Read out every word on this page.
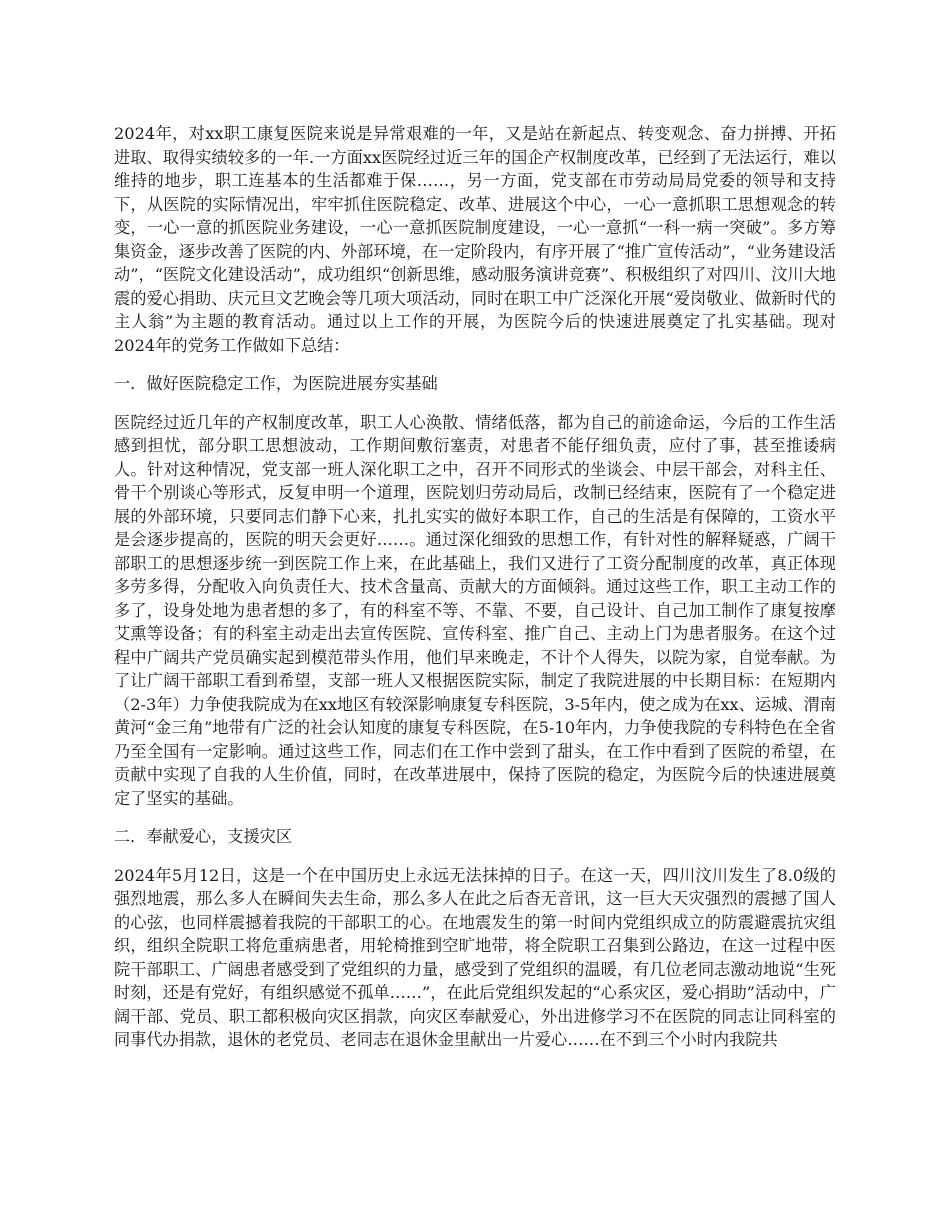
2024年，对xx职工康复医院来说是异常艰难的一年，又是站在新起点、转变观念、奋力拼搏、开拓进取、取得实绩较多的一年.一方面xx医院经过近三年的国企产权制度改革，已经到了无法运行，难以维持的地步，职工连基本的生活都难于保……，另一方面，党支部在市劳动局局党委的领导和支持下，从医院的实际情况出，牢牢抓住医院稳定、改革、进展这个中心，一心一意抓职工思想观念的转变，一心一意的抓医院业务建设，一心一意抓医院制度建设，一心一意抓“一科一病一突破”。多方筹集资金，逐步改善了医院的内、外部环境，在一定阶段内，有序开展了“推广宣传活动”，“业务建设活动”，“医院文化建设活动”，成功组织“创新思维，感动服务演讲竞赛”、积极组织了对四川、汶川大地震的爱心捐助、庆元旦文艺晚会等几项大项活动，同时在职工中广泛深化开展“爱岗敬业、做新时代的主人翁”为主题的教育活动。通过以上工作的开展，为医院今后的快速进展奠定了扎实基础。现对2024年的党务工作做如下总结：

一．做好医院稳定工作，为医院进展夯实基础

医院经过近几年的产权制度改革，职工人心涣散、情绪低落，都为自己的前途命运，今后的工作生活感到担忧，部分职工思想波动，工作期间敷衍塞责，对患者不能仔细负责，应付了事，甚至推诿病人。针对这种情况，党支部一班人深化职工之中，召开不同形式的坐谈会、中层干部会，对科主任、骨干个别谈心等形式，反复申明一个道理，医院划归劳动局后，改制已经结束，医院有了一个稳定进展的外部环境，只要同志们静下心来，扎扎实实的做好本职工作，自己的生活是有保障的，工资水平是会逐步提高的，医院的明天会更好……。通过深化细致的思想工作，有针对性的解释疑惑，广阔干部职工的思想逐步统一到医院工作上来，在此基础上，我们又进行了工资分配制度的改革，真正体现多劳多得，分配收入向负责任大、技术含量高、贡献大的方面倾斜。通过这些工作，职工主动工作的多了，设身处地为患者想的多了，有的科室不等、不靠、不要，自己设计、自己加工制作了康复按摩艾熏等设备；有的科室主动走出去宣传医院、宣传科室、推广自己、主动上门为患者服务。在这个过程中广阔共产党员确实起到模范带头作用，他们早来晚走，不计个人得失，以院为家，自觉奉献。为了让广阔干部职工看到希望，支部一班人又根据医院实际，制定了我院进展的中长期目标：在短期内（2-3年）力争使我院成为在xx地区有较深影响康复专科医院，3-5年内，使之成为在xx、运城、渭南黄河“金三角”地带有广泛的社会认知度的康复专科医院，在5-10年内，力争使我院的专科特色在全省乃至全国有一定影响。通过这些工作，同志们在工作中尝到了甜头，在工作中看到了医院的希望，在贡献中实现了自我的人生价值，同时，在改革进展中，保持了医院的稳定，为医院今后的快速进展奠定了坚实的基础。

二．奉献爱心，支援灾区

2024年5月12日，这是一个在中国历史上永远无法抹掉的日子。在这一天，四川汶川发生了8.0级的强烈地震，那么多人在瞬间失去生命，那么多人在此之后杳无音讯，这一巨大天灾强烈的震撼了国人的心弦，也同样震撼着我院的干部职工的心。在地震发生的第一时间内党组织成立的防震避震抗灾组织，组织全院职工将危重病患者，用轮椅推到空旷地带，将全院职工召集到公路边，在这一过程中医院干部职工、广阔患者感受到了党组织的力量，感受到了党组织的温暖，有几位老同志激动地说“生死时刻，还是有党好，有组织感觉不孤单……”，在此后党组织发起的“心系灾区，爱心捐助”活动中，广阔干部、党员、职工都积极向灾区捐款，向灾区奉献爱心，外出进修学习不在医院的同志让同科室的同事代办捐款，退休的老党员、老同志在退休金里献出一片爱心……在不到三个小时内我院共
